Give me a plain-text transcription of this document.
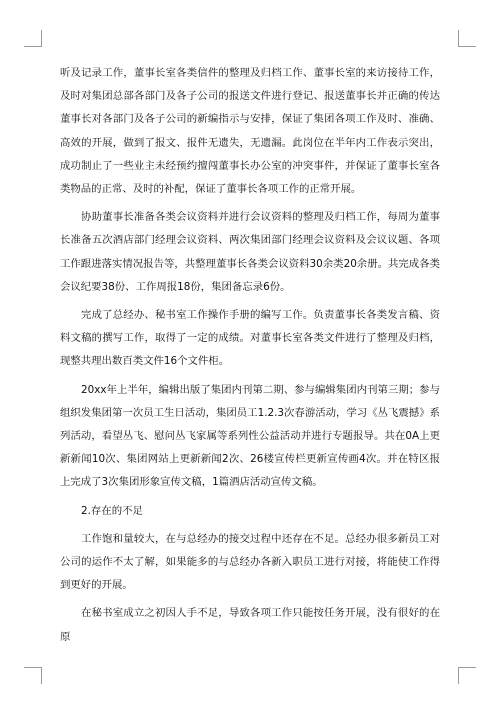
听及记录工作，董事长室各类信件的整理及归档工作、董事长室的来访接待工作，及时对集团总部各部门及各子公司的报送文件进行登记、报送董事长并正确的传达董事长对各部门及各子公司的新编指示与安排，保证了集团各项工作及时、准确、高效的开展，做到了报文、报件无遗失，无遗漏。此岗位在半年内工作表示突出，成功制止了一些业主未经预约擅闯董事长办公室的冲突事件，并保证了董事长室各类物品的正常、及时的补配，保证了董事长各项工作的正常开展。

协助董事长准备各类会议资料并进行会议资料的整理及归档工作，每周为董事长准备五次酒店部门经理会议资料、两次集团部门经理会议资料及会议议题、各项工作跟进落实情况报告等，共整理董事长各类会议资料30余类20余册。共完成各类会议纪要38份、工作周报18份，集团备忘录6份。

完成了总经办、秘书室工作操作手册的编写工作。负责董事长各类发言稿、资料文稿的撰写工作，取得了一定的成绩。对董事长室各类文件进行了整理及归档，现整共理出数百类文件16个文件柜。

20xx年上半年，编辑出版了集团内刊第二期、参与编辑集团内刊第三期；参与组织发集团第一次员工生日活动，集团员工1.2.3次春游活动，学习《丛飞震撼》系列活动，看望丛飞、慰问丛飞家属等系列性公益活动并进行专题报导。共在0A上更新新闻10次、集团网站上更新新闻2次、26楼宣传栏更新宣传画4次。并在特区报上完成了3次集团形象宣传文稿，1篇酒店活动宣传文稿。

2.存在的不足

工作饱和量较大，在与总经办的接交过程中还存在不足。总经办很多新员工对公司的运作不太了解，如果能多的与总经办各新入职员工进行对接，将能使工作得到更好的开展。

在秘书室成立之初因人手不足，导致各项工作只能按任务开展，没有很好的在原
